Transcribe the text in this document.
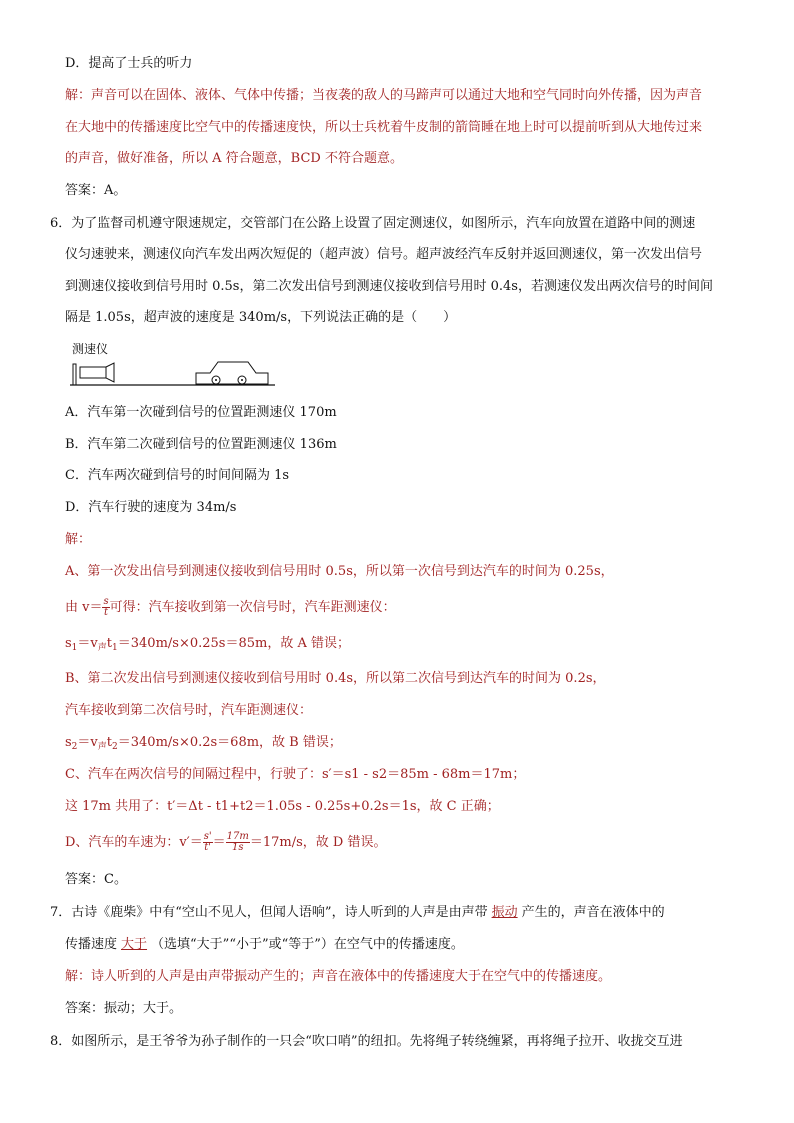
D．提高了士兵的听力
解：声音可以在固体、液体、气体中传播；当夜袭的敌人的马蹄声可以通过大地和空气同时向外传播，因为声音
在大地中的传播速度比空气中的传播速度快，所以士兵枕着牛皮制的箭筒睡在地上时可以提前听到从大地传过来
的声音，做好准备，所以 A 符合题意，BCD 不符合题意。
答案：A。
6．为了监督司机遵守限速规定，交管部门在公路上设置了固定测速仪，如图所示，汽车向放置在道路中间的测速
仪匀速驶来，测速仪向汽车发出两次短促的（超声波）信号。超声波经汽车反射并返回测速仪，第一次发出信号
到测速仪接收到信号用时 0.5s，第二次发出信号到测速仪接收到信号用时 0.4s，若测速仪发出两次信号的时间间
隔是 1.05s，超声波的速度是 340m/s，下列说法正确的是（　　）
测速仪
A．汽车第一次碰到信号的位置距测速仪 170m
B．汽车第二次碰到信号的位置距测速仪 136m
C．汽车两次碰到信号的时间间隔为 1s
D．汽车行驶的速度为 34m/s
解：
A、第一次发出信号到测速仪接收到信号用时 0.5s，所以第一次信号到达汽车的时间为 0.25s，
由 $v= \frac{s}{t}$ 可得：汽车接收到第一次信号时，汽车距测速仪：
$s_1=v_声t_1=340m/s\times 0.25s=85m$，故 A 错误；
B、第二次发出信号到测速仪接收到信号用时 0.4s，所以第二次信号到达汽车的时间为 0.2s，
汽车接收到第二次信号时，汽车距测速仪：
$s_2=v_声t_2=340m/s\times 0.2s=68m$，故 B 错误；
C、汽车在两次信号的间隔过程中，行驶了：s′＝s1 - s2＝85m - 68m＝17m；
这 17m 共用了：t′＝Δt - t1+t2＝1.05s - 0.25s+0.2s＝1s，故 C 正确；
D、汽车的车速为：$v'= \frac{s'}{t'} = \frac{17m}{1s} =17m/s$，故 D 错误。
答案：C。
7．古诗《鹿柴》中有“空山不见人，但闻人语响”，诗人听到的人声是由声带 振动 产生的，声音在液体中的
传播速度 大于 （选填“大于”“小于”或“等于”）在空气中的传播速度。
解：诗人听到的人声是由声带振动产生的；声音在液体中的传播速度大于在空气中的传播速度。
答案：振动；大于。
8．如图所示，是王爷爷为孙子制作的一只会“吹口哨”的纽扣。先将绳子转绕缠紧，再将绳子拉开、收拢交互进
